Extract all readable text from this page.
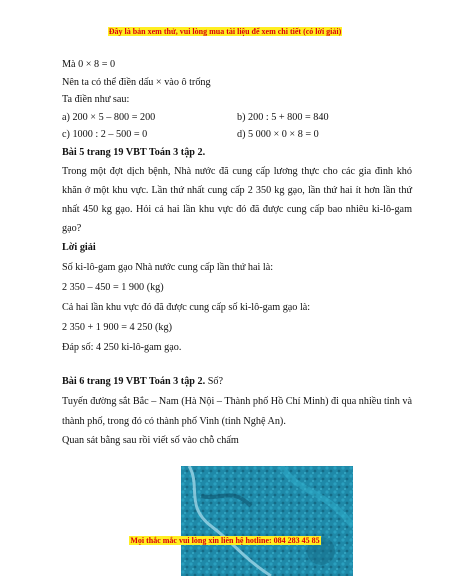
Đây là bản xem thử, vui lòng mua tài liệu để xem chi tiết (có lời giải)
Mà 0 × 8 = 0
Nên ta có thể điền dấu × vào ô trống
Ta điền như sau:
a) 200 × 5 – 800 = 200	b) 200 : 5 + 800 = 840
c) 1000 : 2 – 500 = 0	d) 5 000 × 0 × 8 = 0
Bài 5 trang 19 VBT Toán 3 tập 2.

Trong một đợt dịch bệnh, Nhà nước đã cung cấp lương thực cho các gia đình khó khăn ở một khu vực. Lần thứ nhất cung cấp 2 350 kg gạo, lần thứ hai ít hơn lần thứ nhất 450 kg gạo. Hỏi cả hai lần khu vực đó đã được cung cấp bao nhiêu ki-lô-gam gạo?

Lời giải
Số ki-lô-gam gạo Nhà nước cung cấp lần thứ hai là:
2 350 – 450 = 1 900 (kg)
Cả hai lần khu vực đó đã được cung cấp số ki-lô-gam gạo là:
2 350 + 1 900 = 4 250 (kg)
Đáp số: 4 250 ki-lô-gam gạo.
Bài 6 trang 19 VBT Toán 3 tập 2. Số?

Tuyến đường sắt Bắc – Nam (Hà Nội – Thành phố Hồ Chí Minh) đi qua nhiều tỉnh và thành phố, trong đó có thành phố Vinh (tỉnh Nghệ An).

Quan sát bằng sau rồi viết số vào chỗ chấm
Mọi thắc mắc vui lòng xin liên hệ hotline: 084 283 45 85
